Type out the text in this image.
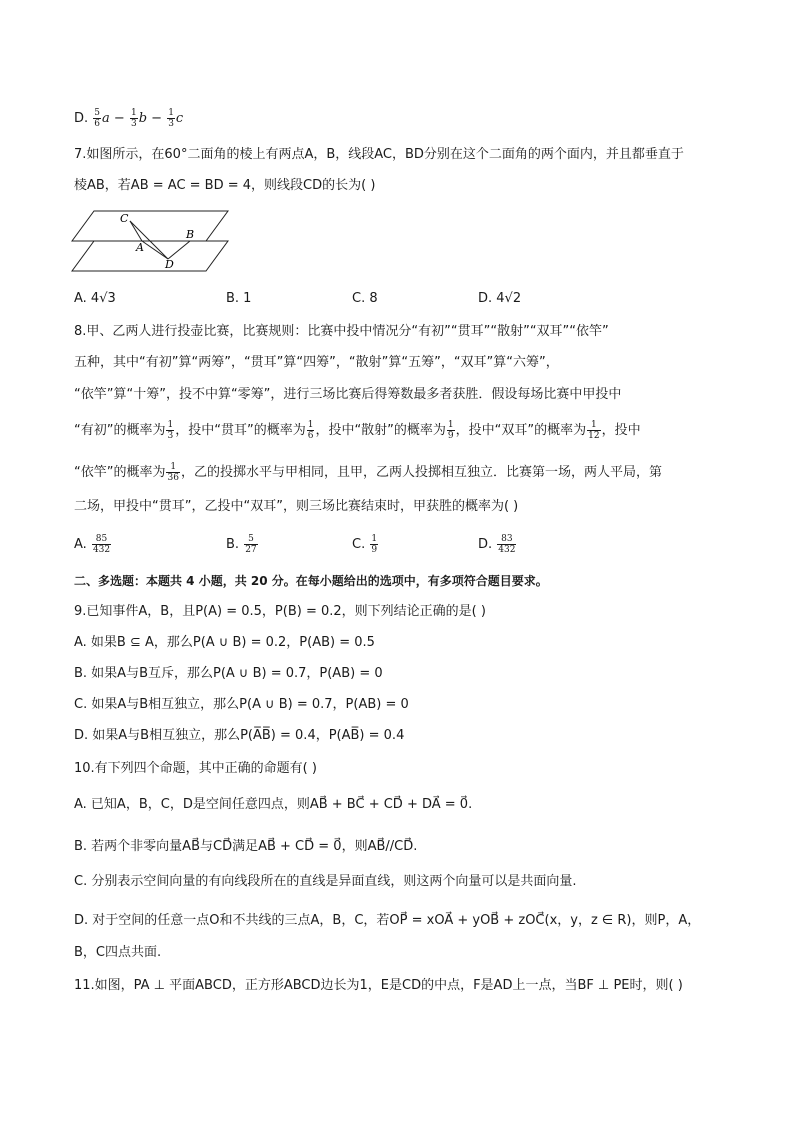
D. $\frac{5}{6}$ $a - \frac{1}{3}$ $b - \frac{1}{3}$ c
7.如图所示，在60°二面角的棱上有两点A，B，线段AC，BD分别在这个二面角的两个面内，并且都垂直于
棱AB，若AB = AC = BD = 4，则线段CD的长为( )
C
A
B
D
A. 4√3	B. 1	C. 8	D. 4√2
8.甲、乙两人进行投壶比赛，比赛规则：比赛中投中情况分“有初”“贯耳”“散射”“双耳”“依竿”
五种，其中“有初”算“两筹”，“贯耳”算“四筹”，“散射”算“五筹”，“双耳”算“六筹”，
“依竿”算“十筹”，投不中算“零筹”，进行三场比赛后得筹数最多者获胜．假设每场比赛中甲投中
“有初”的概率为 $\frac{1}{3}$ ，投中“贯耳”的概率为 $\frac{1}{6}$ ，投中“散射”的概率为 $\frac{1}{9}$ ，投中“双耳”的概率为 $\frac{1}{12}$ ，投中
“依竿”的概率为 $\frac{1}{36}$ ，乙的投掷水平与甲相同，且甲，乙两人投掷相互独立．比赛第一场，两人平局，第
二场，甲投中“贯耳”，乙投中“双耳”，则三场比赛结束时，甲获胜的概率为( )
A. $\frac{85}{432}$	B. $\frac{5}{27}$	C. $\frac{1}{9}$	D. $\frac{83}{432}$
二、多选题：本题共 4 小题，共 20 分。在每小题给出的选项中，有多项符合题目要求。
9.已知事件A，B，且P(A) = 0.5，P(B) = 0.2，则下列结论正确的是( )
A. 如果B ⊆ A，那么P(A ∪ B) = 0.2，P(AB) = 0.5
B. 如果A与B互斥，那么P(A ∪ B) = 0.7，P(AB) = 0
C. 如果A与B相互独立，那么P(A ∪ B) = 0.7，P(AB) = 0
D. 如果A与B相互独立，那么P(A̅B̅) = 0.4，P(AB̅) = 0.4
10.有下列四个命题，其中正确的命题有( )
A. 已知A，B，C，D是空间任意四点，则AB⃗ + BC⃗ + CD⃗ + DA⃗ = 0⃗.
B. 若两个非零向量AB⃗与CD⃗满足AB⃗ + CD⃗ = 0⃗，则AB⃗//CD⃗.
C. 分别表示空间向量的有向线段所在的直线是异面直线，则这两个向量可以是共面向量.
D. 对于空间的任意一点O和不共线的三点A，B，C，若OP⃗ = xOA⃗ + yOB⃗ + zOC⃗(x，y，z ∈ R)，则P，A，
B，C四点共面.
11.如图，PA ⊥ 平面ABCD，正方形ABCD边长为1，E是CD的中点，F是AD上一点，当BF ⊥ PE时，则( )
